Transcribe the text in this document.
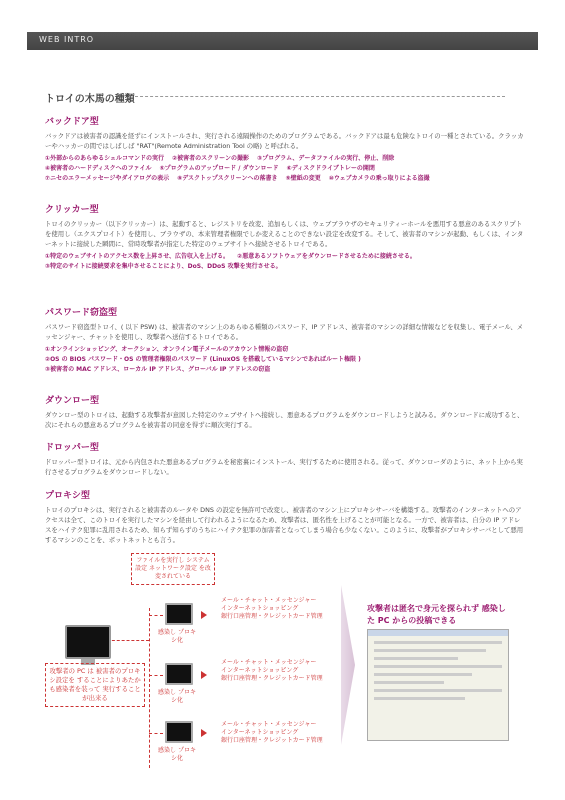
WEB INTRO
トロイの木馬の種類
バックドア型

バックドアは被害者の認識を経ずにインストールされ、実行される遠隔操作のためのプログラムである。バックドアは最も危険なトロイの一種とされている。クラッカーやハッカーの間ではしばしば "RAT"(Remote Administration Tool の略) と呼ばれる。

①外部からのあらゆるシェルコマンドの実行 ②被害者のスクリーンの撮影 ③プログラム、データファイルの実行、停止、削除
④被害者のハードディスクへのファイル ⑤プログラムのアップロード / ダウンロード ⑥ディスクドライブトレーの開閉
⑦ニセのエラーメッセージやダイアログの表示 ⑧デスクトップスクリーンへの落書き ⑨壁紙の変更 ⑩ウェブカメラの乗っ取りによる盗撮
クリッカー型

トロイのクリッカー（以下クリッカー）は、起動すると、レジストリを改変、追加もしくは、ウェブブラウザのセキュリティーホールを悪用する悪意のあるスクリプトを使用し（エクスプロイト）を使用し、ブラウザの、本来管理者権限でしか変えることのできない設定を改変する。そして、被害者のマシンが起動、もしくは、インターネットに接続した瞬間に、常時攻撃者が指定した特定のウェブサイトへ接続させるトロイである。

①特定のウェブサイトのアクセス数を上昇させ、広告収入を上げる。 ②悪意あるソフトウェアをダウンロードさせるために接続させる。
③特定のサイトに接続要求を集中させることにより、DoS、DDoS 攻撃を実行させる。
パスワード窃盗型

パスワード窃盗型トロイ、( 以下 PSW) は、被害者のマシン上のあらゆる種類のパスワード、IP アドレス、被害者のマシンの詳細な情報などを収集し、電子メール、メッセンジャー、チャットを使用し、攻撃者へ送信するトロイである。

①オンラインショッピング、オークション、オンライン電子メールのアカウント情報の盗窃
②OS の BIOS パスワード・OS の管理者権限のパスワード (LinuxOS を搭載しているマシンであればルート権限 )
③被害者の MAC アドレス、ローカル IP アドレス、グローバル IP アドレスの窃盗
ダウンロー型

ダウンロー型のトロイは、起動する攻撃者が意図した特定のウェブサイトへ接続し、悪意あるプログラムをダウンロードしようと試みる。ダウンロードに成功すると、次にそれらの悪意あるプログラムを被害者の同意を得ずに順次実行する。

ドロッパー型

ドロッパー型トロイは、元から内包された悪意あるプログラムを秘密裏にインストール、実行するために使用される。従って、ダウンローダのように、ネット上から実行させるプログラムをダウンロードしない。

プロキシ型

トロイのプロキシは、実行されると被害者のルータや DNS の設定を無許可で改変し、被害者のマシン上にプロキシサーバを構築する。攻撃者のインターネットへのアクセスは全て、このトロイを実行したマシンを経由して行われるようになるため、攻撃者は、匿名性を上げることが可能となる。一方で、被害者は、自分の IP アドレスをハイテク犯罪に乱用されるため、知らず知らずのうちにハイテク犯罪の加害者となってしまう場合も少なくない。このように、攻撃者がプロキシサーバとして悪用するマシンのことを、ボットネットとも言う。

ファイルを実行し システム設定 ネットワーク設定 を改変されている
攻撃者の PC は 被害者のプロキシ設定を することによりあたかも感染者を装って 実行することが出来る
感染し プロキシ化
メール・チャット・メッセンジャー
インターネットショッピング
銀行口座管理・クレジットカード管理
感染し プロキシ化
メール・チャット・メッセンジャー
インターネットショッピング
銀行口座管理・クレジットカード管理
感染し プロキシ化
メール・チャット・メッセンジャー
インターネットショッピング
銀行口座管理・クレジットカード管理
攻撃者は匿名で身元を探られず 感染した PC からの投稿できる
